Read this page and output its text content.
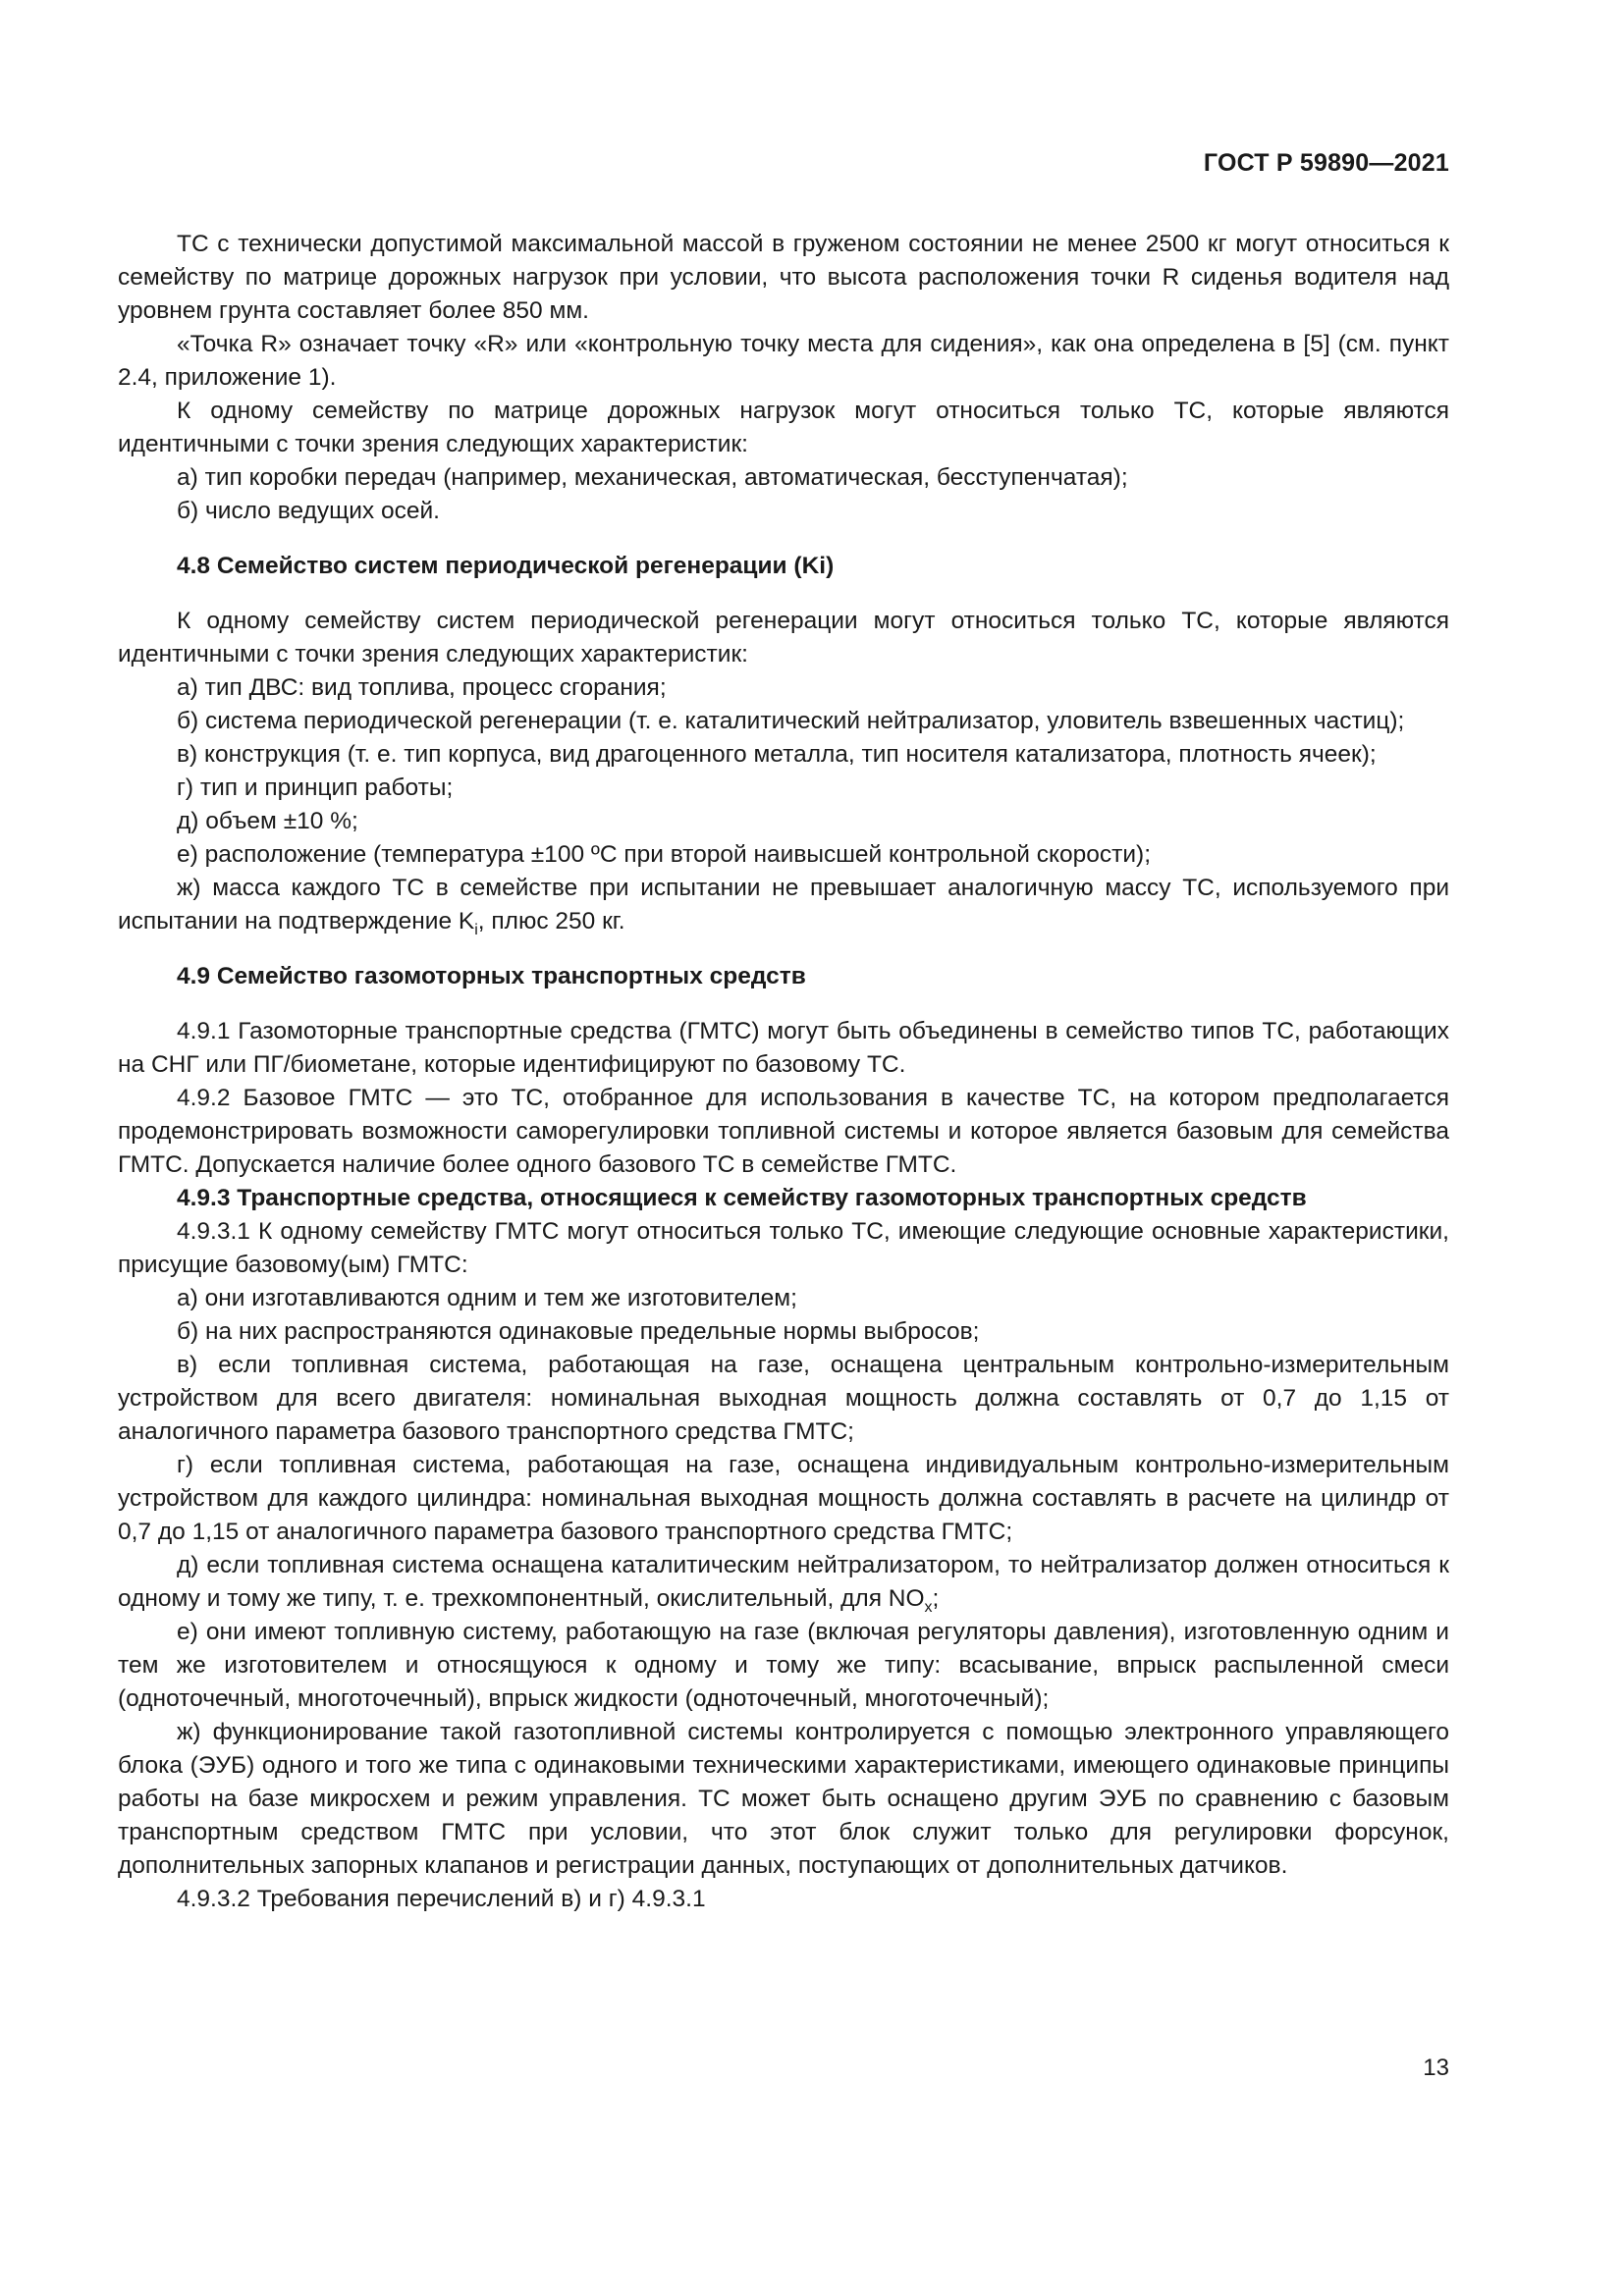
ГОСТ Р 59890—2021

ТС с технически допустимой максимальной массой в груженом состоянии не менее 2500 кг могут относиться к семейству по матрице дорожных нагрузок при условии, что высота расположения точки R сиденья водителя над уровнем грунта составляет более 850 мм.

«Точка R» означает точку «R» или «контрольную точку места для сидения», как она определена в [5] (см. пункт 2.4, приложение 1).

К одному семейству по матрице дорожных нагрузок могут относиться только ТС, которые являются идентичными с точки зрения следующих характеристик:

а) тип коробки передач (например, механическая, автоматическая, бесступенчатая);

б) число ведущих осей.

4.8 Семейство систем периодической регенерации (Ki)

К одному семейству систем периодической регенерации могут относиться только ТС, которые являются идентичными с точки зрения следующих характеристик:

а) тип ДВС: вид топлива, процесс сгорания;

б) система периодической регенерации (т. е. каталитический нейтрализатор, уловитель взвешенных частиц);

в) конструкция (т. е. тип корпуса, вид драгоценного металла, тип носителя катализатора, плотность ячеек);

г) тип и принцип работы;

д) объем ±10 %;

е) расположение (температура ±100 ºС при второй наивысшей контрольной скорости);

ж) масса каждого ТС в семействе при испытании не превышает аналогичную массу ТС, используемого при испытании на подтверждение $K_i$, плюс 250 кг.

4.9 Семейство газомоторных транспортных средств

4.9.1 Газомоторные транспортные средства (ГМТС) могут быть объединены в семейство типов ТС, работающих на СНГ или ПГ/биометане, которые идентифицируют по базовому ТС.

4.9.2 Базовое ГМТС — это ТС, отобранное для использования в качестве ТС, на котором предполагается продемонстрировать возможности саморегулировки топливной системы и которое является базовым для семейства ГМТС. Допускается наличие более одного базового ТС в семействе ГМТС.

4.9.3 Транспортные средства, относящиеся к семейству газомоторных транспортных средств

4.9.3.1 К одному семейству ГМТС могут относиться только ТС, имеющие следующие основные характеристики, присущие базовому(ым) ГМТС:

а) они изготавливаются одним и тем же изготовителем;

б) на них распространяются одинаковые предельные нормы выбросов;

в) если топливная система, работающая на газе, оснащена центральным контрольно-измерительным устройством для всего двигателя: номинальная выходная мощность должна составлять от 0,7 до 1,15 от аналогичного параметра базового транспортного средства ГМТС;

г) если топливная система, работающая на газе, оснащена индивидуальным контрольно-измерительным устройством для каждого цилиндра: номинальная выходная мощность должна составлять в расчете на цилиндр от 0,7 до 1,15 от аналогичного параметра базового транспортного средства ГМТС;

д) если топливная система оснащена каталитическим нейтрализатором, то нейтрализатор должен относиться к одному и тому же типу, т. е. трехкомпонентный, окислительный, для $NO_x$;

е) они имеют топливную систему, работающую на газе (включая регуляторы давления), изготовленную одним и тем же изготовителем и относящуюся к одному и тому же типу: всасывание, впрыск распыленной смеси (одноточечный, многоточечный), впрыск жидкости (одноточечный, многоточечный);

ж) функционирование такой газотопливной системы контролируется с помощью электронного управляющего блока (ЭУБ) одного и того же типа с одинаковыми техническими характеристиками, имеющего одинаковые принципы работы на базе микросхем и режим управления. ТС может быть оснащено другим ЭУБ по сравнению с базовым транспортным средством ГМТС при условии, что этот блок служит только для регулировки форсунок, дополнительных запорных клапанов и регистрации данных, поступающих от дополнительных датчиков.

4.9.3.2 Требования перечислений в) и г) 4.9.3.1

13
